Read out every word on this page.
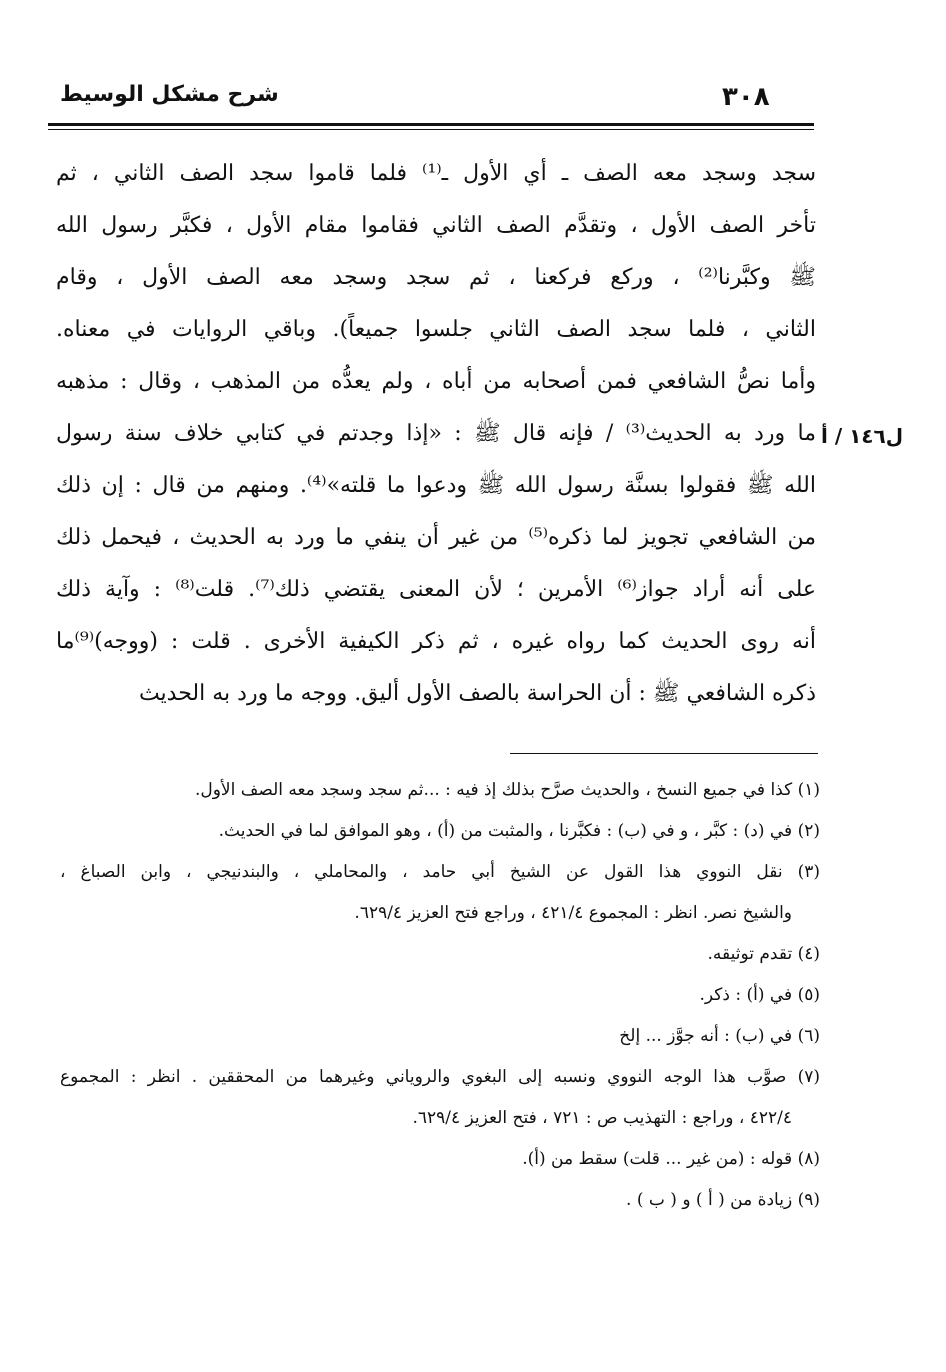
٣٠٨
شرح مشكل الوسيط
ل١٤٦ / أ
سجد وسجد معه الصف ـ أي الأول ـ⁽¹⁾ فلما قاموا سجد الصف الثاني ، ثم
تأخر الصف الأول ، وتقدَّم الصف الثاني فقاموا مقام الأول ، فكبَّر رسول الله
ﷺ وكبَّرنا⁽²⁾ ، وركع فركعنا ، ثم سجد وسجد معه الصف الأول ، وقام
الثاني ، فلما سجد الصف الثاني جلسوا جميعاً). وباقي الروايات في معناه.
وأما نصُّ الشافعي فمن أصحابه من أباه ، ولم يعدُّه من المذهب ، وقال : مذهبه
ما ورد به الحديث⁽³⁾ / فإنه قال ﷺ : «إذا وجدتم في كتابي خلاف سنة رسول
الله ﷺ فقولوا بسنَّة رسول الله ﷺ ودعوا ما قلته»⁽⁴⁾. ومنهم من قال : إن ذلك
من الشافعي تجويز لما ذكره⁽⁵⁾ من غير أن ينفي ما ورد به الحديث ، فيحمل ذلك
على أنه أراد جواز⁽⁶⁾ الأمرين ؛ لأن المعنى يقتضي ذلك⁽⁷⁾. قلت⁽⁸⁾ : وآية ذلك
أنه روى الحديث كما رواه غيره ، ثم ذكر الكيفية الأخرى . قلت : (ووجه)⁽⁹⁾ما
ذكره الشافعي ﷺ : أن الحراسة بالصف الأول أليق. ووجه ما ورد به الحديث
(١) كذا في جميع النسخ ، والحديث صرَّح بذلك إذ فيه : ...ثم سجد وسجد معه الصف الأول.
(٢) في (د) : كبَّر ، و في (ب) : فكبَّرنا ، والمثبت من (أ) ، وهو الموافق لما في الحديث.
(٣) نقل النووي هذا القول عن الشيخ أبي حامد ، والمحاملي ، والبندنيجي ، وابن الصباغ ،
والشيخ نصر. انظر : المجموع ٤٢١/٤ ، وراجع فتح العزيز ٦٢٩/٤.
(٤) تقدم توثيقه.
(٥) في (أ) : ذكر.
(٦) في (ب) : أنه جوَّز ... إلخ
(٧) صوَّب هذا الوجه النووي ونسبه إلى البغوي والروياني وغيرهما من المحققين . انظر : المجموع
٤٢٢/٤ ، وراجع : التهذيب ص : ٧٢١ ، فتح العزيز ٦٢٩/٤.
(٨) قوله : (من غير ... قلت) سقط من (أ).
(٩) زيادة من ( أ ) و ( ب ) .
